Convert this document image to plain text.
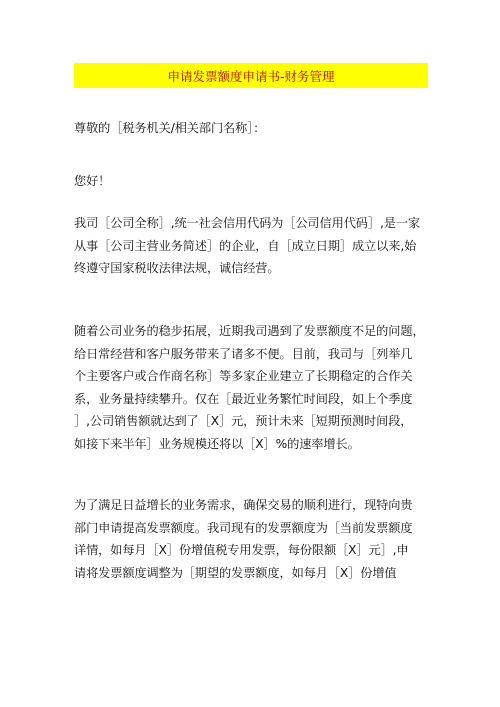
申请发票额度申请书-财务管理

尊敬的［税务机关/相关部门名称］：

您好！

我司［公司全称］,统一社会信用代码为［公司信用代码］,是一家
从事［公司主营业务简述］的企业，自［成立日期］成立以来,始
终遵守国家税收法律法规，诚信经营。

随着公司业务的稳步拓展，近期我司遇到了发票额度不足的问题，
给日常经营和客户服务带来了诸多不便。目前，我司与［列举几
个主要客户或合作商名称］等多家企业建立了长期稳定的合作关
系，业务量持续攀升。仅在［最近业务繁忙时间段，如上个季度
］,公司销售额就达到了［X］元，预计未来［短期预测时间段，
如接下来半年］业务规模还将以［X］%的速率增长。

为了满足日益增长的业务需求，确保交易的顺利进行，现特向贵
部门申请提高发票额度。我司现有的发票额度为［当前发票额度
详情，如每月［X］份增值税专用发票，每份限额［X］元］,申
请将发票额度调整为［期望的发票额度，如每月［X］份增值
